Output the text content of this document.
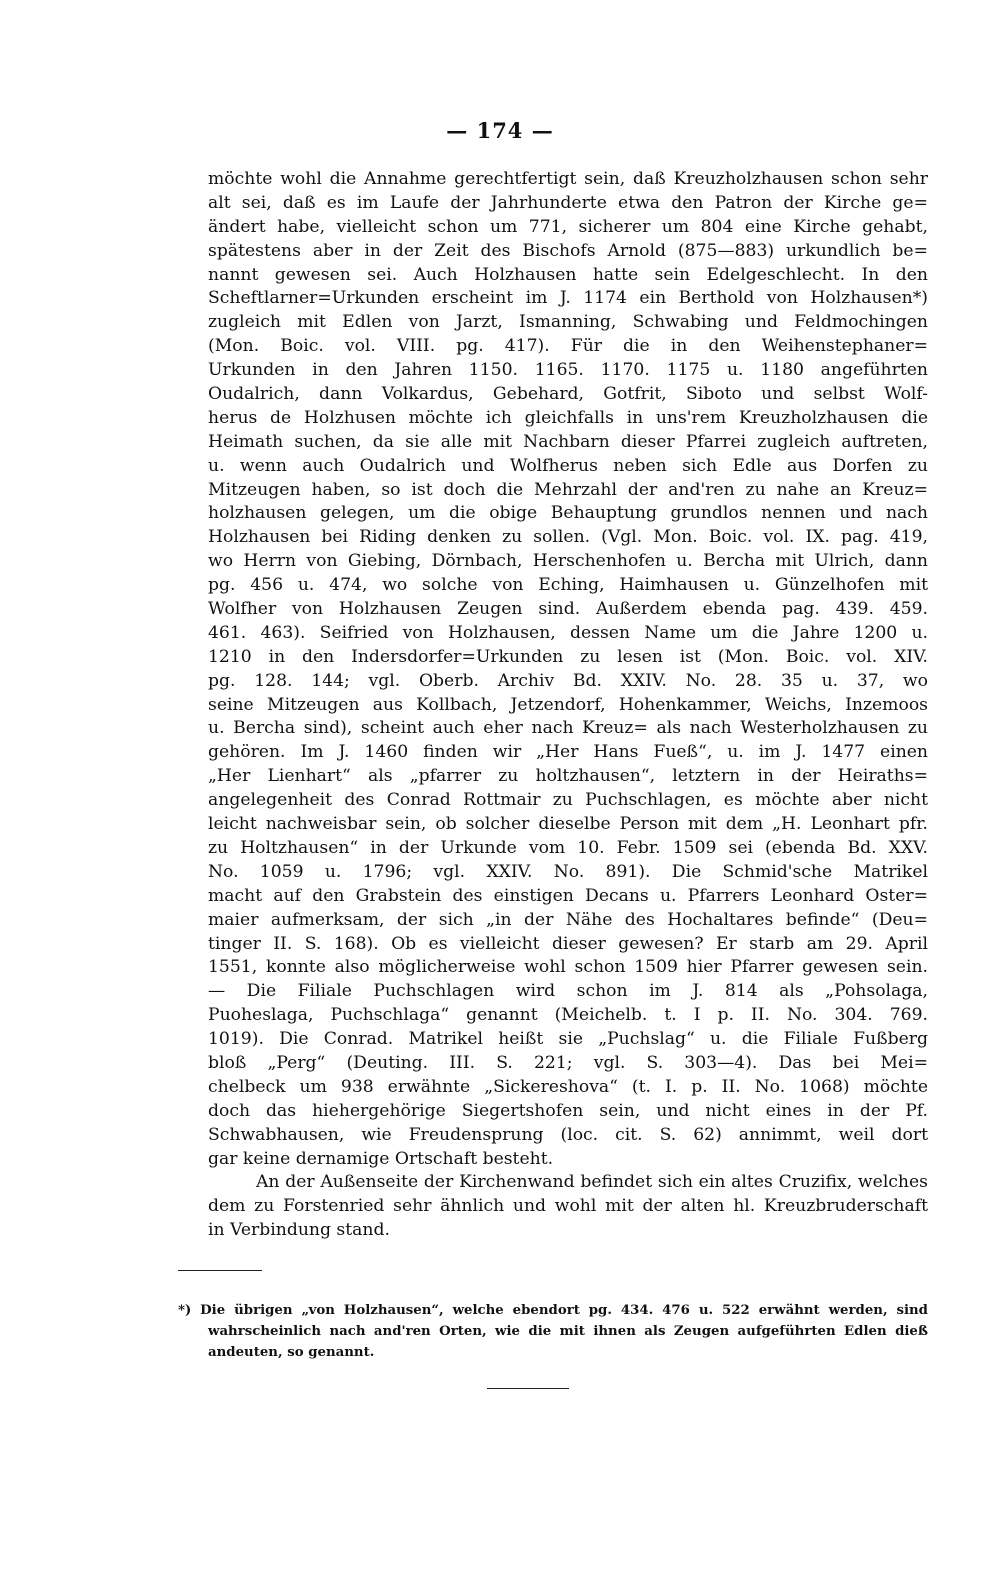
— 174 —
möchte wohl die Annahme gerechtfertigt sein, daß Kreuzholzhausen schon sehr
alt sei, daß es im Laufe der Jahrhunderte etwa den Patron der Kirche ge=
ändert habe, vielleicht schon um 771, sicherer um 804 eine Kirche gehabt,
spätestens aber in der Zeit des Bischofs Arnold (875—883) urkundlich be=
nannt gewesen sei. Auch Holzhausen hatte sein Edelgeschlecht. In den
Scheftlarner=Urkunden erscheint im J. 1174 ein Berthold von Holzhausen*)
zugleich mit Edlen von Jarzt, Ismanning, Schwabing und Feldmochingen
(Mon. Boic. vol. VIII. pg. 417). Für die in den Weihenstephaner=
Urkunden in den Jahren 1150. 1165. 1170. 1175 u. 1180 angeführten
Oudalrich, dann Volkardus, Gebehard, Gotfrit, Siboto und selbst Wolf-
herus de Holzhusen möchte ich gleichfalls in uns'rem Kreuzholzhausen die
Heimath suchen, da sie alle mit Nachbarn dieser Pfarrei zugleich auftreten,
u. wenn auch Oudalrich und Wolfherus neben sich Edle aus Dorfen zu
Mitzeugen haben, so ist doch die Mehrzahl der and'ren zu nahe an Kreuz=
holzhausen gelegen, um die obige Behauptung grundlos nennen und nach
Holzhausen bei Riding denken zu sollen. (Vgl. Mon. Boic. vol. IX. pag. 419,
wo Herrn von Giebing, Dörnbach, Herschenhofen u. Bercha mit Ulrich, dann
pg. 456 u. 474, wo solche von Eching, Haimhausen u. Günzelhofen mit
Wolfher von Holzhausen Zeugen sind. Außerdem ebenda pag. 439. 459.
461. 463). Seifried von Holzhausen, dessen Name um die Jahre 1200 u.
1210 in den Indersdorfer=Urkunden zu lesen ist (Mon. Boic. vol. XIV.
pg. 128. 144; vgl. Oberb. Archiv Bd. XXIV. No. 28. 35 u. 37, wo
seine Mitzeugen aus Kollbach, Jetzendorf, Hohenkammer, Weichs, Inzemoos
u. Bercha sind), scheint auch eher nach Kreuz= als nach Westerholzhausen zu
gehören. Im J. 1460 finden wir „Her Hans Fueß“, u. im J. 1477 einen
„Her Lienhart“ als „pfarrer zu holtzhausen“, letztern in der Heiraths=
angelegenheit des Conrad Rottmair zu Puchschlagen, es möchte aber nicht
leicht nachweisbar sein, ob solcher dieselbe Person mit dem „H. Leonhart pfr.
zu Holtzhausen“ in der Urkunde vom 10. Febr. 1509 sei (ebenda Bd. XXV.
No. 1059 u. 1796; vgl. XXIV. No. 891). Die Schmid'sche Matrikel
macht auf den Grabstein des einstigen Decans u. Pfarrers Leonhard Oster=
maier aufmerksam, der sich „in der Nähe des Hochaltares befinde“ (Deu=
tinger II. S. 168). Ob es vielleicht dieser gewesen? Er starb am 29. April
1551, konnte also möglicherweise wohl schon 1509 hier Pfarrer gewesen sein.
— Die Filiale Puchschlagen wird schon im J. 814 als „Pohsolaga,
Puoheslaga, Puchschlaga“ genannt (Meichelb. t. I p. II. No. 304. 769.
1019). Die Conrad. Matrikel heißt sie „Puchslag“ u. die Filiale Fußberg
bloß „Perg“ (Deuting. III. S. 221; vgl. S. 303—4). Das bei Mei=
chelbeck um 938 erwähnte „Sickereshova“ (t. I. p. II. No. 1068) möchte
doch das hiehergehörige Siegertshofen sein, und nicht eines in der Pf.
Schwabhausen, wie Freudensprung (loc. cit. S. 62) annimmt, weil dort
gar keine dernamige Ortschaft besteht.
An der Außenseite der Kirchenwand befindet sich ein altes Cruzifix, welches
dem zu Forstenried sehr ähnlich und wohl mit der alten hl. Kreuzbruderschaft
in Verbindung stand.
*) Die übrigen „von Holzhausen“, welche ebendort pg. 434. 476 u. 522 erwähnt werden, sind
wahrscheinlich nach and'ren Orten, wie die mit ihnen als Zeugen aufgeführten Edlen dieß
andeuten, so genannt.
